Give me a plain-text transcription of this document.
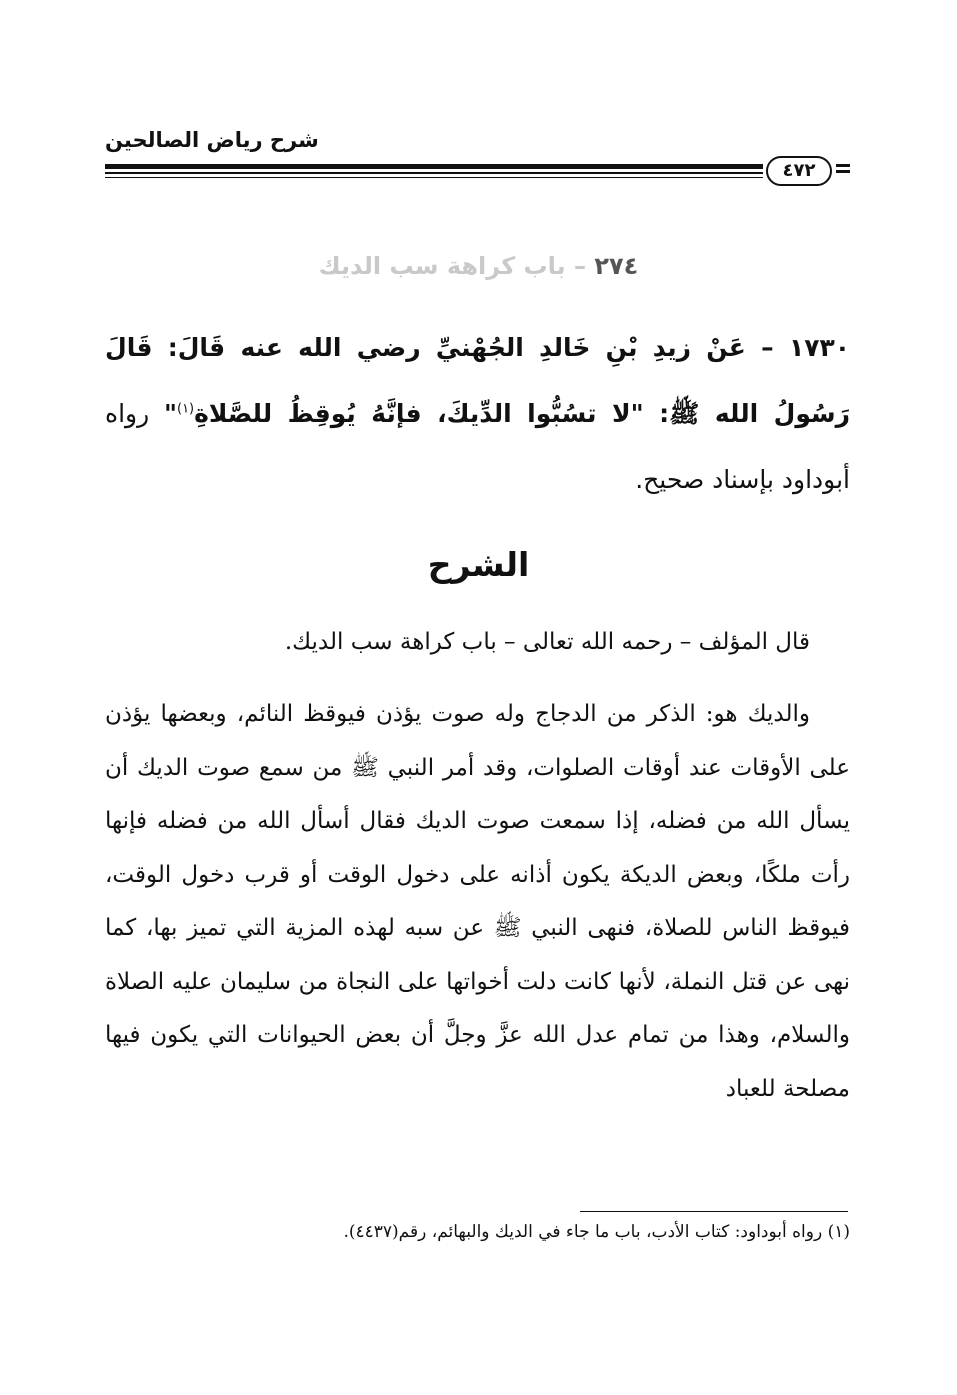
شرح رياض الصالحين
٤٧٢
٢٧٤ – باب كراهة سب الديك
١٧٣٠ – عَنْ زيدِ بْنِ خَالدِ الجُهْنيِّ رضي الله عنه قَالَ: قَالَ رَسُولُ الله ﷺ: "لا تسُبُّوا الدِّيكَ، فإنَّهُ يُوقِظُ للصَّلاةِ$^{(١)}$" رواه أبوداود بإسناد صحيح.
الشرح

قال المؤلف – رحمه الله تعالى – باب كراهة سب الديك.

والديك هو: الذكر من الدجاج وله صوت يؤذن فيوقظ النائم، وبعضها يؤذن على الأوقات عند أوقات الصلوات، وقد أمر النبي ﷺ من سمع صوت الديك أن يسأل الله من فضله، إذا سمعت صوت الديك فقال أسأل الله من فضله فإنها رأت ملكًا، وبعض الديكة يكون أذانه على دخول الوقت أو قرب دخول الوقت، فيوقظ الناس للصلاة، فنهى النبي ﷺ عن سبه لهذه المزية التي تميز بها، كما نهى عن قتل النملة، لأنها كانت دلت أخواتها على النجاة من سليمان عليه الصلاة والسلام، وهذا من تمام عدل الله عزَّ وجلَّ أن بعض الحيوانات التي يكون فيها مصلحة للعباد

(١) رواه أبوداود: كتاب الأدب، باب ما جاء في الديك والبهائم، رقم(٤٤٣٧).
